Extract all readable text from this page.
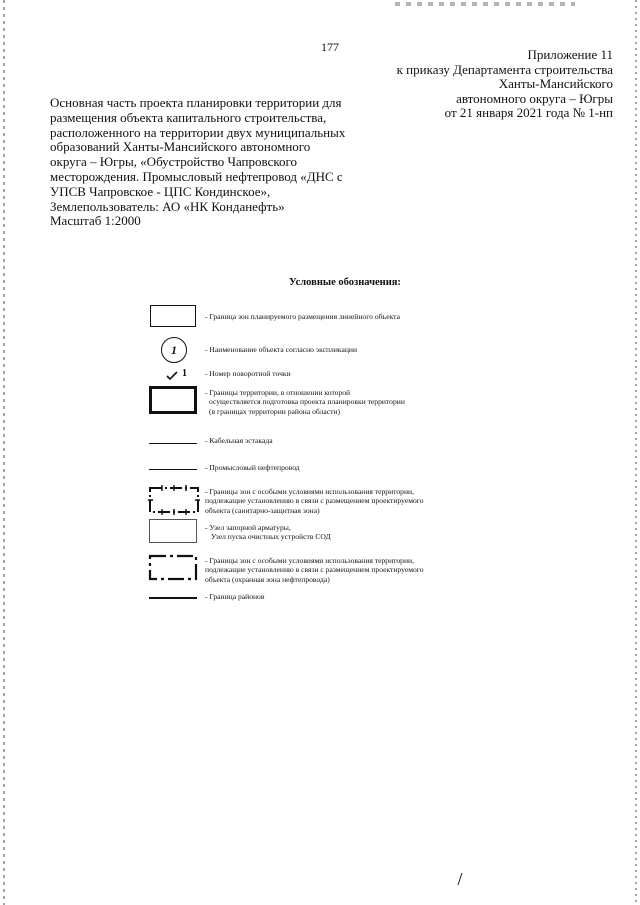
177	Приложение 11
к приказу Департамента строительства
Ханты-Мансийского
автономного округа – Югры
от 21 января 2021 года № 1-нп
Основная часть проекта планировки территории для
размещения объекта капитального строительства,
расположенного на территории двух муниципальных
образований Ханты-Мансийского автономного
округа – Югры, «Обустройство Чапровского
месторождения. Промысловый нефтепровод «ДНС с
УПСВ Чапровское - ЦПС Кондинское»,
Землепользователь: АО «НК Конданефть»
Масштаб 1:2000
Условные обозначения:
- Граница зон планируемого размещения линейного объекта
1	- Наименование объекта согласно экспликации
1 - Номер поворотной точки
- Границы территории, в отношении которой
осуществляется подготовка проекта планировки территории
(в границах территории района области)
- Кабельная эстакада
- Промысловый нефтепровод
- Границы зон с особыми условиями использования территории,
подлежащие установлению в связи с размещением проектируемого
объекта (санитарно-защитная зона)
- Узел запорной арматуры,
Узел пуска очистных устройств СОД
- Границы зон с особыми условиями использования территории,
подлежащие установлению в связи с размещением проектируемого
объекта (охранная зона нефтепровода)
- Граница районов
